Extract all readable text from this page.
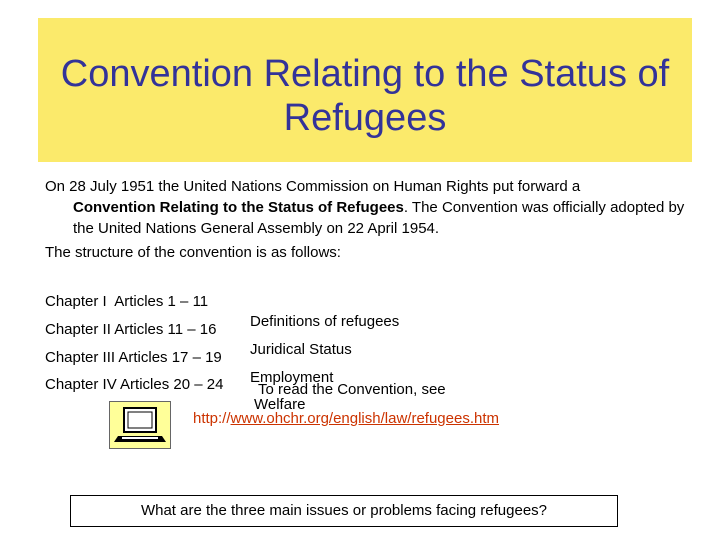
Convention Relating to the Status of Refugees

On 28 July 1951 the United Nations Commission on Human Rights put forward a
Convention Relating to the Status of Refugees. The Convention was officially adopted by the United Nations General Assembly on 22 April 1954.

The structure of the convention is as follows:

Chapter I  Articles 1 – 11

Definitions of refugees

Chapter II Articles 11 – 16

Juridical Status

Chapter III Articles 17 – 19

Employment

Chapter IV Articles 20 – 24

Welfare

To read the Convention, see
http://www.ohchr.org/english/law/refugees.htm
What are the three main issues or problems facing refugees?
